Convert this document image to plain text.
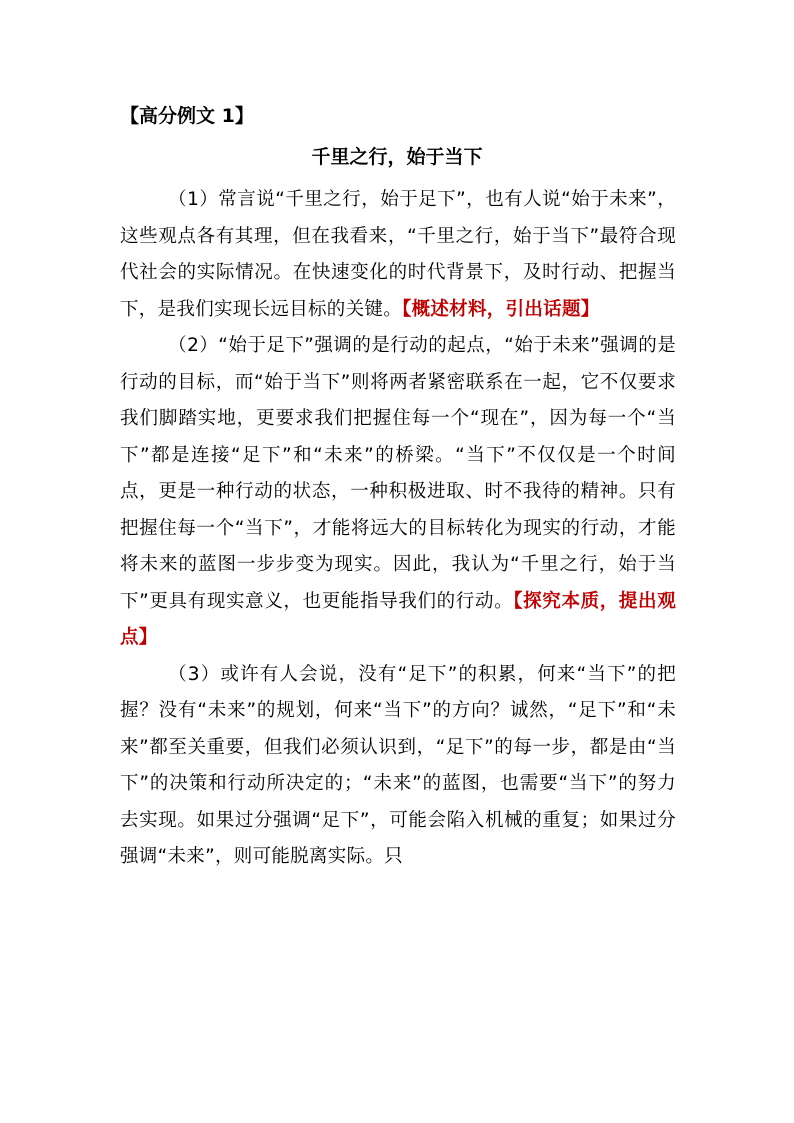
【高分例文 1】
千里之行，始于当下

（1）常言说“千里之行，始于足下”，也有人说“始于未来”，这些观点各有其理，但在我看来，“千里之行，始于当下”最符合现代社会的实际情况。在快速变化的时代背景下，及时行动、把握当下，是我们实现长远目标的关键。【概述材料，引出话题】

（2）“始于足下”强调的是行动的起点，“始于未来”强调的是行动的目标，而“始于当下”则将两者紧密联系在一起，它不仅要求我们脚踏实地，更要求我们把握住每一个“现在”，因为每一个“当下”都是连接“足下”和“未来”的桥梁。“当下”不仅仅是一个时间点，更是一种行动的状态，一种积极进取、时不我待的精神。只有把握住每一个“当下”，才能将远大的目标转化为现实的行动，才能将未来的蓝图一步步变为现实。因此，我认为“千里之行，始于当下”更具有现实意义，也更能指导我们的行动。【探究本质，提出观点】

（3）或许有人会说，没有“足下”的积累，何来“当下”的把握？没有“未来”的规划，何来“当下”的方向？诚然，“足下”和“未来”都至关重要，但我们必须认识到，“足下”的每一步，都是由“当下”的决策和行动所决定的；“未来”的蓝图，也需要“当下”的努力去实现。如果过分强调“足下”，可能会陷入机械的重复；如果过分强调“未来”，则可能脱离实际。只
